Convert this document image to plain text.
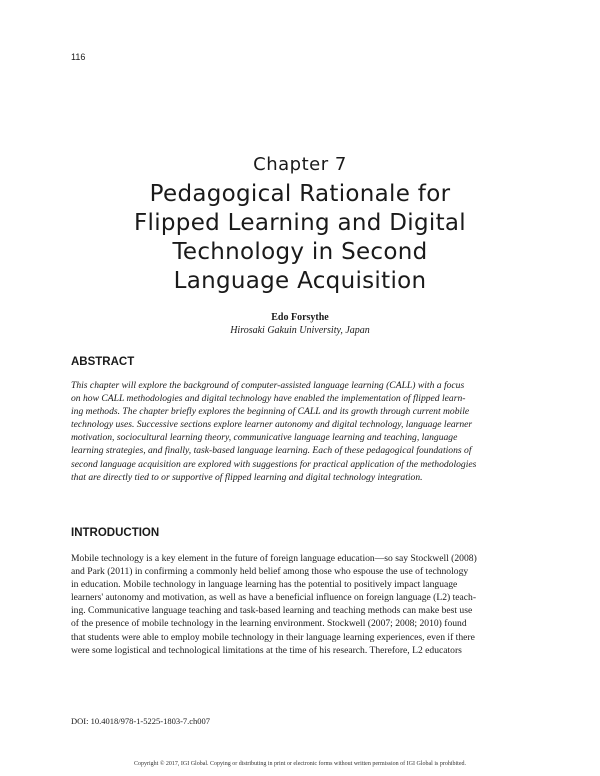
116
Chapter 7
Pedagogical Rationale for
Flipped Learning and Digital
Technology in Second
Language Acquisition
Edo Forsythe
Hirosaki Gakuin University, Japan
ABSTRACT
This chapter will explore the background of computer-assisted language learning (CALL) with a focus
on how CALL methodologies and digital technology have enabled the implementation of flipped learn-
ing methods. The chapter briefly explores the beginning of CALL and its growth through current mobile
technology uses. Successive sections explore learner autonomy and digital technology, language learner
motivation, sociocultural learning theory, communicative language learning and teaching, language
learning strategies, and finally, task-based language learning. Each of these pedagogical foundations of
second language acquisition are explored with suggestions for practical application of the methodologies
that are directly tied to or supportive of flipped learning and digital technology integration.
INTRODUCTION
Mobile technology is a key element in the future of foreign language education—so say Stockwell (2008)
and Park (2011) in confirming a commonly held belief among those who espouse the use of technology
in education. Mobile technology in language learning has the potential to positively impact language
learners' autonomy and motivation, as well as have a beneficial influence on foreign language (L2) teach-
ing. Communicative language teaching and task-based learning and teaching methods can make best use
of the presence of mobile technology in the learning environment. Stockwell (2007; 2008; 2010) found
that students were able to employ mobile technology in their language learning experiences, even if there
were some logistical and technological limitations at the time of his research. Therefore, L2 educators
DOI: 10.4018/978-1-5225-1803-7.ch007
Copyright © 2017, IGI Global. Copying or distributing in print or electronic forms without written permission of IGI Global is prohibited.
